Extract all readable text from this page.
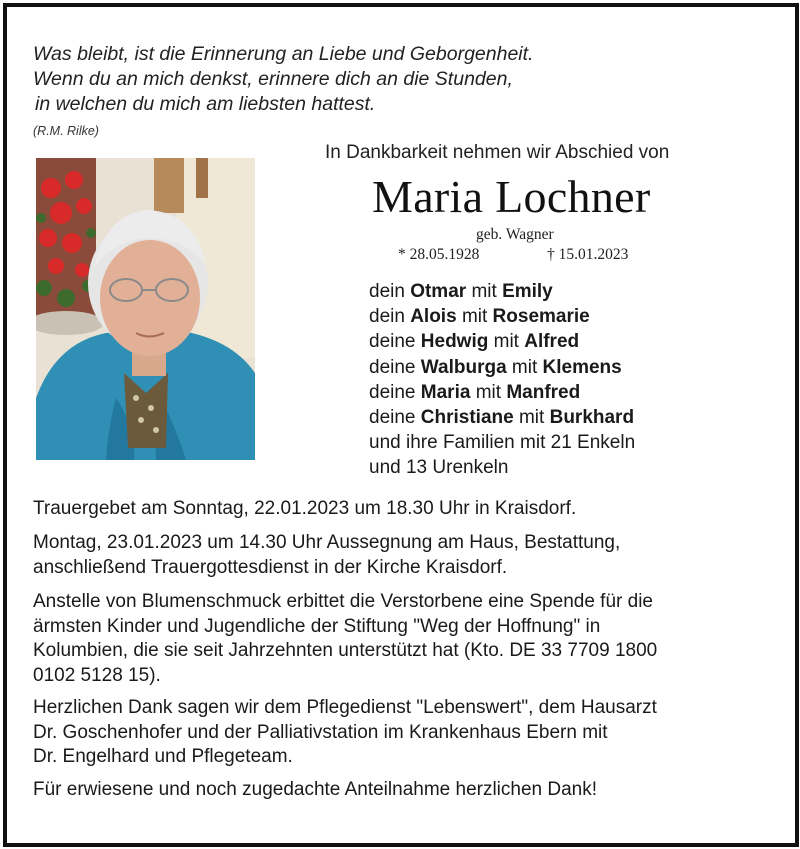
Was bleibt, ist die Erinnerung an Liebe und Geborgenheit.
Wenn du an mich denkst, erinnere dich an die Stunden,
in welchen du mich am liebsten hattest.
(R.M. Rilke)
In Dankbarkeit nehmen wir Abschied von
Maria Lochner
geb. Wagner
* 28.05.1928	† 15.01.2023
dein Otmar mit Emily
dein Alois mit Rosemarie
deine Hedwig mit Alfred
deine Walburga mit Klemens
deine Maria mit Manfred
deine Christiane mit Burkhard
und ihre Familien mit 21 Enkeln
und 13 Urenkeln
Trauergebet am Sonntag, 22.01.2023 um 18.30 Uhr in Kraisdorf.
Montag, 23.01.2023 um 14.30 Uhr Aussegnung am Haus, Bestattung,
anschließend Trauergottesdienst in der Kirche Kraisdorf.
Anstelle von Blumenschmuck erbittet die Verstorbene eine Spende für die
ärmsten Kinder und Jugendliche der Stiftung "Weg der Hoffnung" in
Kolumbien, die sie seit Jahrzehnten unterstützt hat (Kto. DE 33 7709 1800
0102 5128 15).
Herzlichen Dank sagen wir dem Pflegedienst "Lebenswert", dem Hausarzt
Dr. Goschenhofer und der Palliativstation im Krankenhaus Ebern mit
Dr. Engelhard und Pflegeteam.
Für erwiesene und noch zugedachte Anteilnahme herzlichen Dank!
